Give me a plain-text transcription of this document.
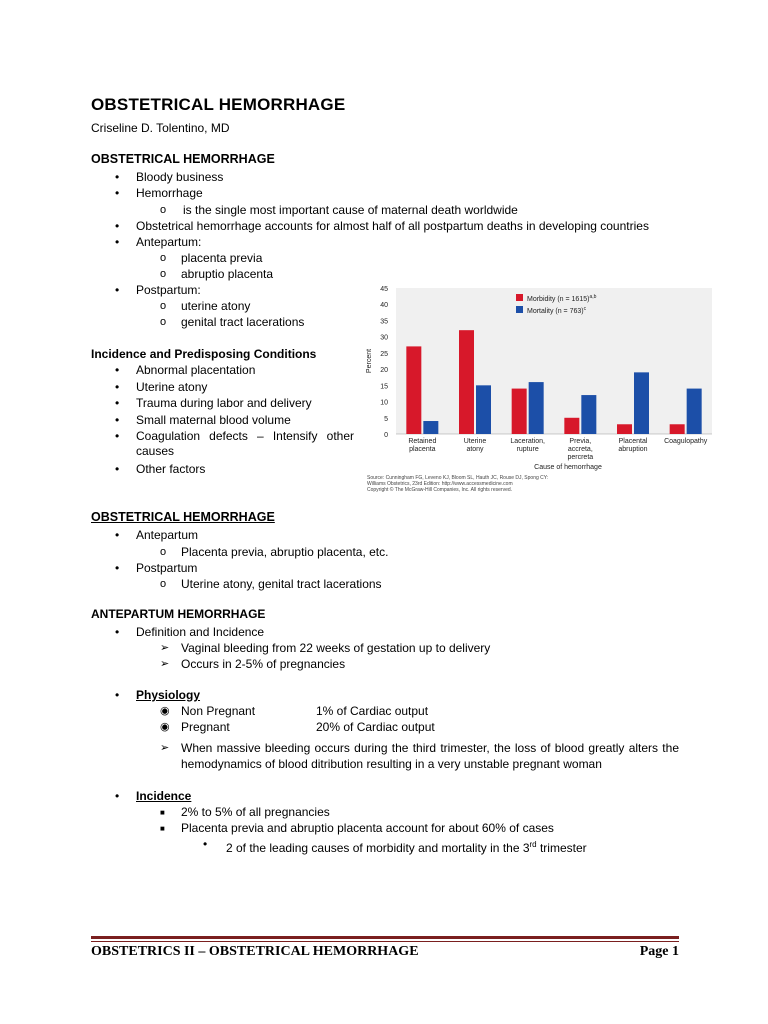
OBSTETRICAL HEMORRHAGE
Criseline D. Tolentino, MD
OBSTETRICAL HEMORRHAGE
• Bloody business
• Hemorrhage
o is the single most important cause of maternal death worldwide
• Obstetrical hemorrhage accounts for almost half of all postpartum deaths in developing countries
• Antepartum:
o placenta previa
o abruptio placenta
• Postpartum:
o uterine atony
o genital tract lacerations
Incidence and Predisposing Conditions
• Abnormal placentation
• Uterine atony
• Trauma during labor and delivery
• Small maternal blood volume
• Coagulation defects – Intensify other causes
• Other factors
0
5
10
15
20
25
30
35
40
45
Percent
Retained
placenta
Uterine
atony
Laceration,
rupture
Previa,
accreta,
percreta
Placental
abruption
Coagulopathy
Cause of hemorrhage
Morbidity (n = 1615)$^{a,b}$
Mortality (n = 763)$^c$
Source: Cunningham FG, Leveno KJ, Bloom SL, Hauth JC, Rouse DJ, Spong CY:
Williams Obstetrics, 23rd Edition: http://www.accessmedicine.com
Copyright © The McGraw-Hill Companies, Inc. All rights reserved.
OBSTETRICAL HEMORRHAGE
• Antepartum
o Placenta previa, abruptio placenta, etc.
• Postpartum
o Uterine atony, genital tract lacerations
ANTEPARTUM HEMORRHAGE
• Definition and Incidence
➢ Vaginal bleeding from 22 weeks of gestation up to delivery
➢ Occurs in 2-5% of pregnancies
• Physiology
◉ Non Pregnant	1% of Cardiac output
◉ Pregnant	20% of Cardiac output
➢ When massive bleeding occurs during the third trimester, the loss of blood greatly alters the hemodynamics of blood ditribution resulting in a very unstable pregnant woman
• Incidence
■ 2% to 5% of all pregnancies
■ Placenta previa and abruptio placenta account for about 60% of cases
• 2 of the leading causes of morbidity and mortality in the 3rd trimester
OBSTETRICS II – OBSTETRICAL HEMORRHAGE	Page 1
